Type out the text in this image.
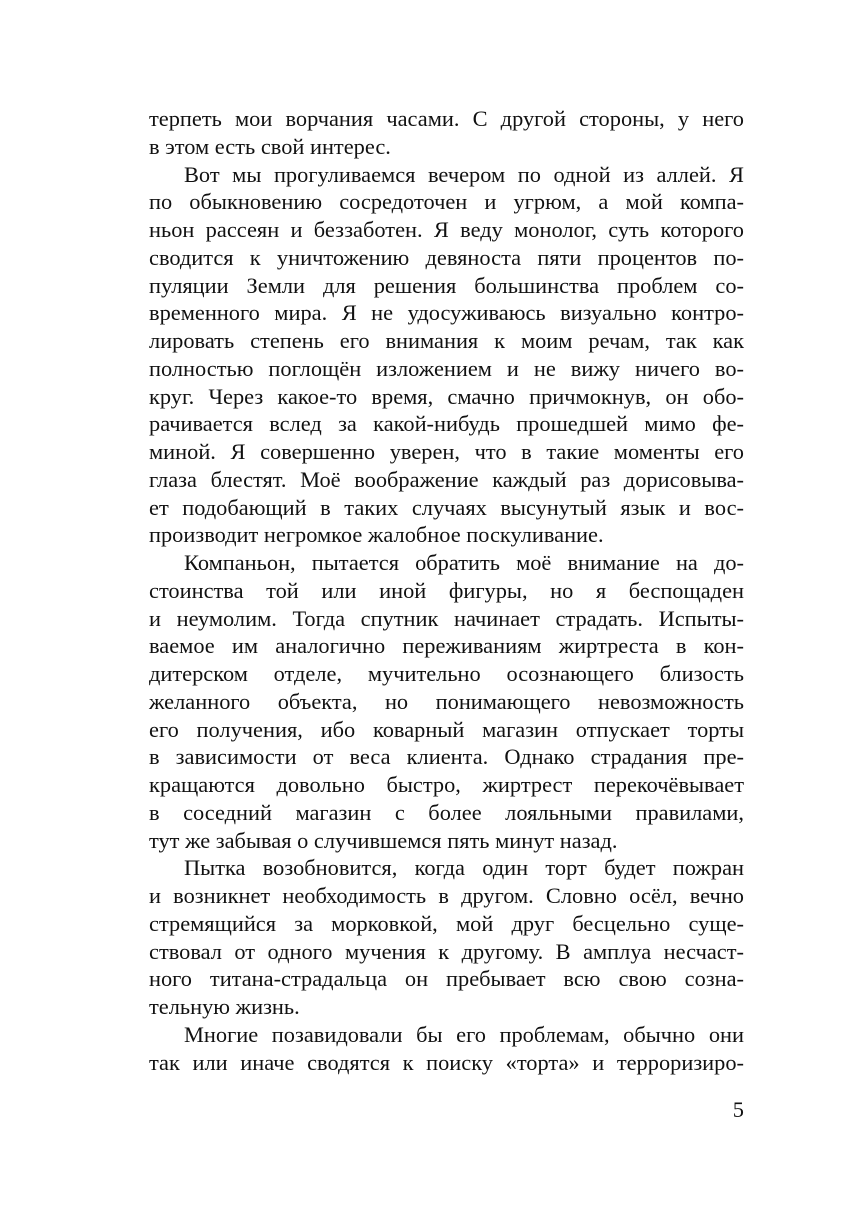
терпеть мои ворчания часами. С другой стороны, у него
в этом есть свой интерес.
Вот мы прогуливаемся вечером по одной из аллей. Я
по обыкновению сосредоточен и угрюм, а мой компа-
ньон рассеян и беззаботен. Я веду монолог, суть которого
сводится к уничтожению девяноста пяти процентов по-
пуляции Земли для решения большинства проблем со-
временного мира. Я не удосуживаюсь визуально контро-
лировать степень его внимания к моим речам, так как
полностью поглощён изложением и не вижу ничего во-
круг. Через какое-то время, смачно причмокнув, он обо-
рачивается вслед за какой-нибудь прошедшей мимо фе-
миной. Я совершенно уверен, что в такие моменты его
глаза блестят. Моё воображение каждый раз дорисовыва-
ет подобающий в таких случаях высунутый язык и вос-
производит негромкое жалобное поскуливание.
Компаньон, пытается обратить моё внимание на до-
стоинства той или иной фигуры, но я беспощаден
и неумолим. Тогда спутник начинает страдать. Испыты-
ваемое им аналогично переживаниям жиртреста в кон-
дитерском отделе, мучительно осознающего близость
желанного объекта, но понимающего невозможность
его получения, ибо коварный магазин отпускает торты
в зависимости от веса клиента. Однако страдания пре-
кращаются довольно быстро, жиртрест перекочёвывает
в соседний магазин с более лояльными правилами,
тут же забывая о случившемся пять минут назад.
Пытка возобновится, когда один торт будет пожран
и возникнет необходимость в другом. Словно осёл, вечно
стремящийся за морковкой, мой друг бесцельно суще-
ствовал от одного мучения к другому. В амплуа несчаст-
ного титана-страдальца он пребывает всю свою созна-
тельную жизнь.
Многие позавидовали бы его проблемам, обычно они
так или иначе сводятся к поиску «торта» и терроризиро-
5
